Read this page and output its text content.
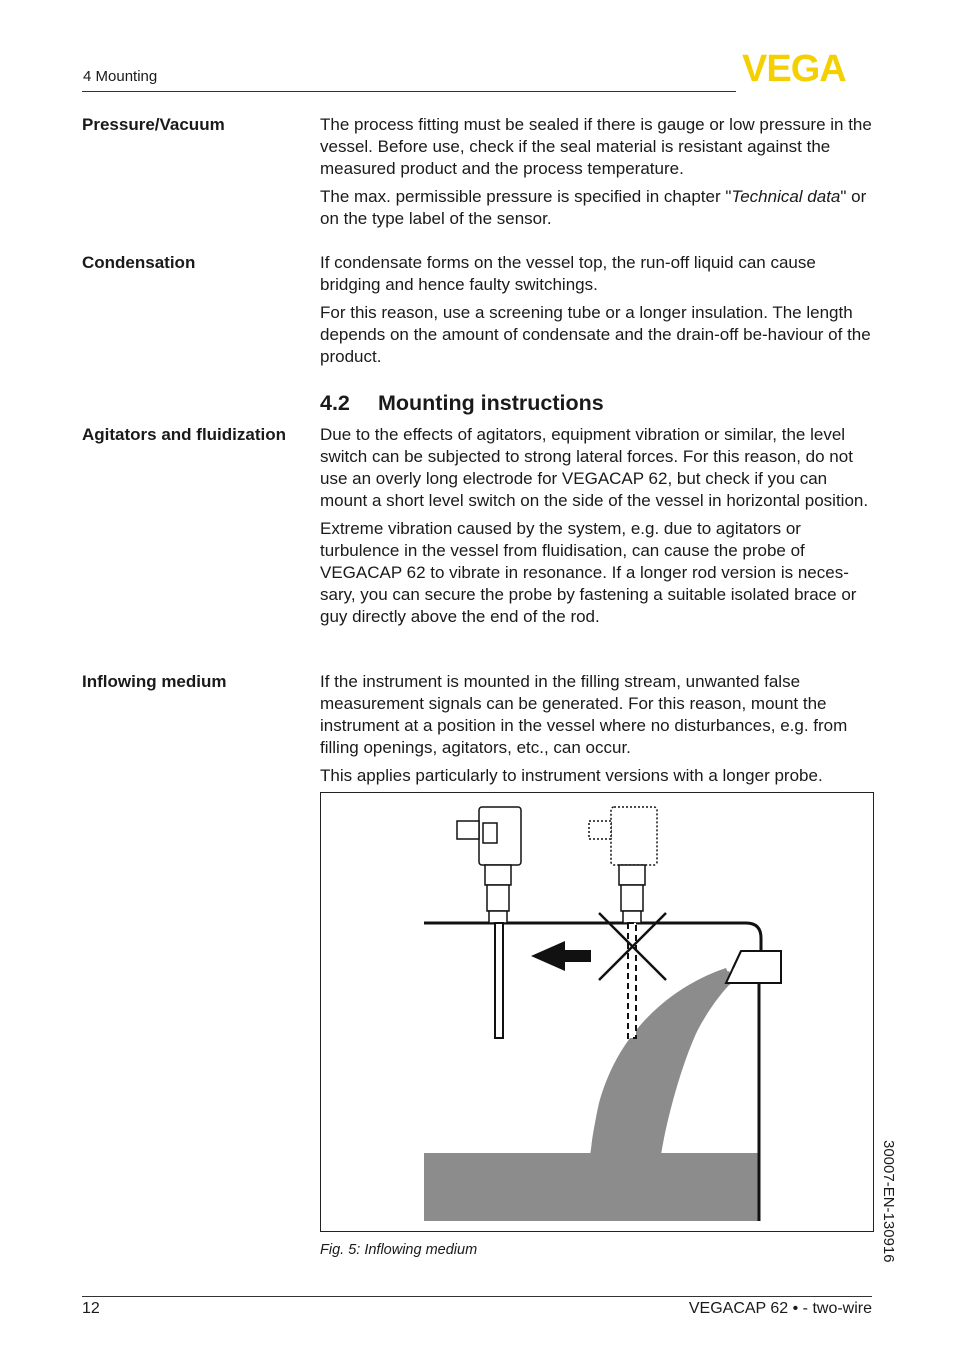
4 Mounting	VEGA
Pressure/Vacuum	The process fitting must be sealed if there is gauge or low pressure in the vessel. Before use, check if the seal material is resistant against the measured product and the process temperature.

The max. permissible pressure is specified in chapter "Technical data" or on the type label of the sensor.

Condensation	If condensate forms on the vessel top, the run-off liquid can cause bridging and hence faulty switchings.

For this reason, use a screening tube or a longer insulation. The length depends on the amount of condensate and the drain-off be-haviour of the product.

4.2 Mounting instructions
Agitators and fluidization Due to the effects of agitators, equipment vibration or similar, the level switch can be subjected to strong lateral forces. For this reason, do not use an overly long electrode for VEGACAP 62, but check if you can mount a short level switch on the side of the vessel in horizontal position.

Extreme vibration caused by the system, e.g. due to agitators or turbulence in the vessel from fluidisation, can cause the probe of VEGACAP 62 to vibrate in resonance. If a longer rod version is neces-sary, you can secure the probe by fastening a suitable isolated brace or guy directly above the end of the rod.

Inflowing medium	If the instrument is mounted in the filling stream, unwanted false measurement signals can be generated. For this reason, mount the instrument at a position in the vessel where no disturbances, e.g. from filling openings, agitators, etc., can occur.

This applies particularly to instrument versions with a longer probe.

Fig. 5: Inflowing medium	30007-EN-130916
12	VEGACAP 62 • - two-wire
